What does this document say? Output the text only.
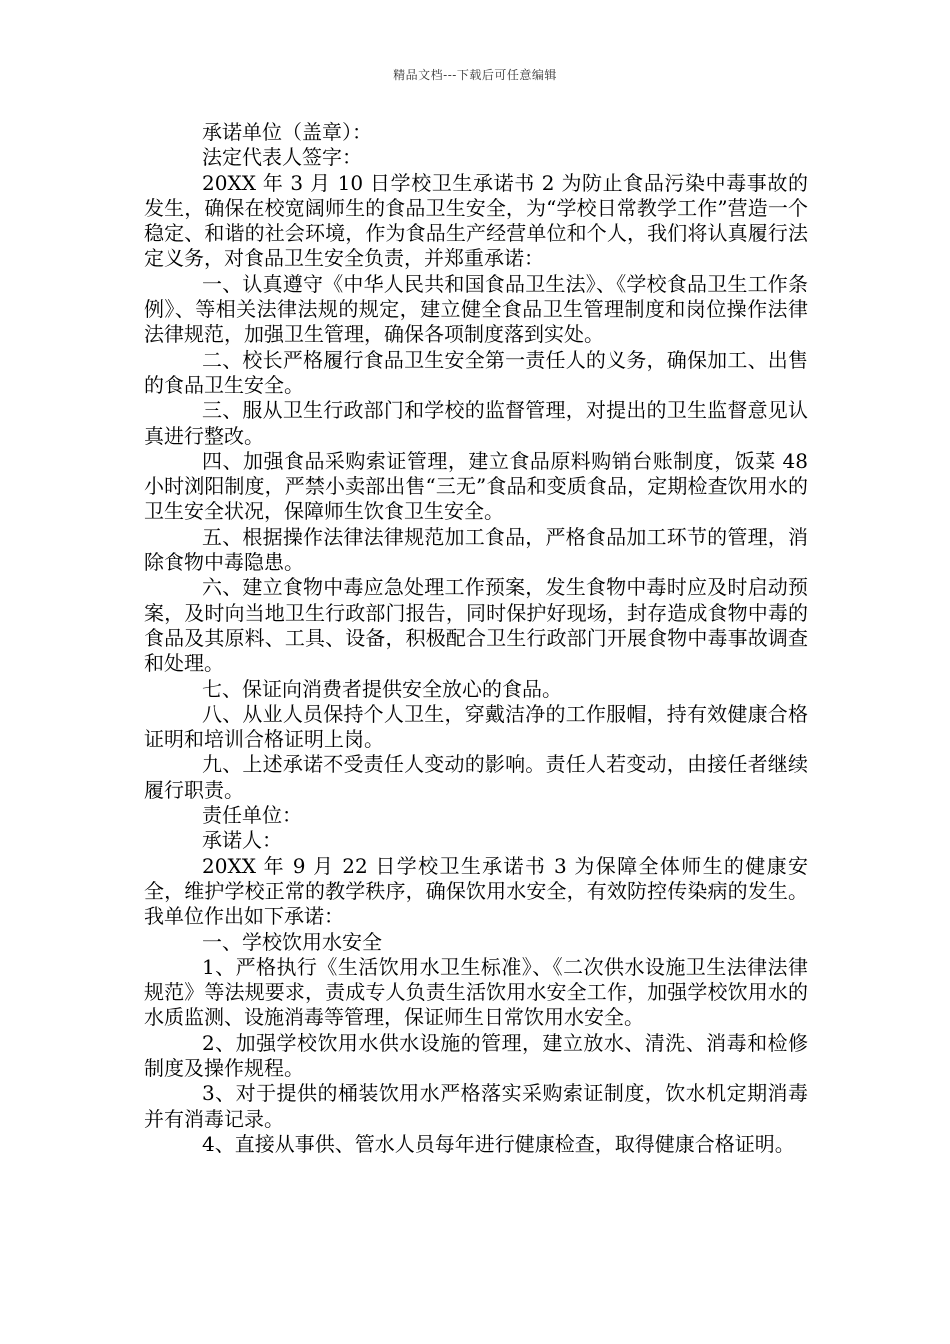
精品文档---下载后可任意编辑

承诺单位（盖章）：

法定代表人签字：

20XX 年 3 月 10 日学校卫生承诺书 2 为防止食品污染中毒事故的发生，确保在校宽阔师生的食品卫生安全，为“学校日常教学工作”营造一个稳定、和谐的社会环境，作为食品生产经营单位和个人，我们将认真履行法定义务，对食品卫生安全负责，并郑重承诺：

一、认真遵守《中华人民共和国食品卫生法》、《学校食品卫生工作条例》、等相关法律法规的规定，建立健全食品卫生管理制度和岗位操作法律法律规范，加强卫生管理，确保各项制度落到实处。

二、校长严格履行食品卫生安全第一责任人的义务，确保加工、出售的食品卫生安全。

三、服从卫生行政部门和学校的监督管理，对提出的卫生监督意见认真进行整改。

四、加强食品采购索证管理，建立食品原料购销台账制度，饭菜 48 小时浏阳制度，严禁小卖部出售“三无”食品和变质食品，定期检查饮用水的卫生安全状况，保障师生饮食卫生安全。

五、根据操作法律法律规范加工食品，严格食品加工环节的管理，消除食物中毒隐患。

六、建立食物中毒应急处理工作预案，发生食物中毒时应及时启动预案，及时向当地卫生行政部门报告，同时保护好现场，封存造成食物中毒的食品及其原料、工具、设备，积极配合卫生行政部门开展食物中毒事故调查和处理。

七、保证向消费者提供安全放心的食品。

八、从业人员保持个人卫生，穿戴洁净的工作服帽，持有效健康合格证明和培训合格证明上岗。

九、上述承诺不受责任人变动的影响。责任人若变动，由接任者继续履行职责。

责任单位：

承诺人：

20XX 年 9 月 22 日学校卫生承诺书 3 为保障全体师生的健康安全，维护学校正常的教学秩序，确保饮用水安全，有效防控传染病的发生。我单位作出如下承诺：

一、学校饮用水安全

1、严格执行《生活饮用水卫生标准》、《二次供水设施卫生法律法律规范》等法规要求，责成专人负责生活饮用水安全工作，加强学校饮用水的水质监测、设施消毒等管理，保证师生日常饮用水安全。

2、加强学校饮用水供水设施的管理，建立放水、清洗、消毒和检修制度及操作规程。

3、对于提供的桶装饮用水严格落实采购索证制度，饮水机定期消毒并有消毒记录。

4、直接从事供、管水人员每年进行健康检查，取得健康合格证明。
